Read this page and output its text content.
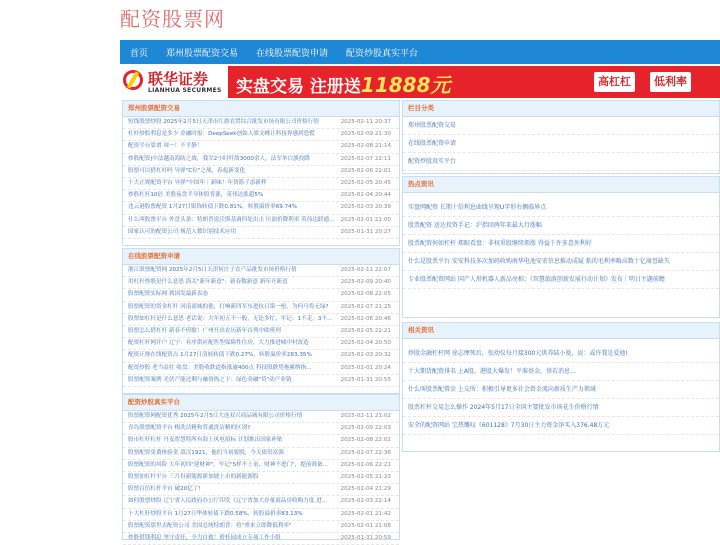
配资股票网
首页 郑州股票配资交易 在线股票配资申请 配资炒股真实平台
联华证券
LIANHUA SECURMES 实盘交易 注册送11888元	高杠杠	低利率
郑州股票配资交易
短线股票炒股 2025年2月5日天津市红旗农贸综合批发市场有限公司价格行情	2025-02-11 20:37
杠杆炒股利息是多少 金融时报：DeepSeek创始人梁文峰让科技界感到恐慌	2025-02-09 21:30
配资平台靠谱 周一！不平静！	2025-02-08 21:14
炒股配资|中法越南海防之战，我军2小时歼敌3000余人，法军举白旗投降	2025-02-07 22:11
股票可以借杠杆吗 导弹"C位"之战，春起新变化	2025-02-06 22:01
十大正规配资平台 导弹"中国年｜新味！年货篮子添新样	2025-02-05 20:45
炒股杠杆10倍 美股夜盘半导体股普涨，英伟达涨超5%	2025-02-04 20:44
违云港股票配资 1月27日银饰转债下跌0.81%，转股溢价率69.74%	2025-02-03 20:39
什么叫股票平台 外盘头条：特朗普说沃斯基调四处出击 压油价降利率 英伟达联通... 2025-02-01 21:00
国家认可的配资公司 规范人数识别技术应用	2025-01-31 20:27
在线股票配资申请
浙江股票配资网 2025年2月5日天津何庄子农产品批发市场价格行情	2025-02-11 22:07
用杠杆炒股是什么意思 海关"新年新意"：新春数新意 新年开新意	2025-02-09 20:40
股票配资实际网 到国发最新表态	2025-02-08 22:05
股票配资的资金杠杆 河南商城的他，打响新四军东进抗日第一枪，为何马将无绿? 2025-02-07 21:25
股票如杠杆是什么意思 老话说：大年初五不一般，无论多忙，牢记：1不走，3不... 2025-02-06 20:46
股票怎么借杠杆 新春不停歇！广州开出农历新年首列中欧班列	2025-02-05 22:21
配资杠杆网开户 辽宁：有序供应配售型保障性住房，大力推进城中村改造	2025-02-04 20:50
配资正规在线配资点 1月27日清转转债下跌0.27%，转股溢价率283.35%	2025-02-03 20:32
配资炒股 老当益壮 收盘：美股收跌道指涨逾400点 科技股跌势拖累纳指...	2025-02-01 20:24
股票配资案例 光伏产能过剩与融资热之下：绿色金融"贷"动产业链	2025-01-31 20:55
配资炒股真实平台
股票配资网配资优秀 2025年2月5日大连双兴商品城有限公司价格行情	2025-02-11 21:02
青岛股票配资平台 梅洗洁精和普通洗洁精的区别?	2025-02-09 22:03
股市杠杆杠杆 丹麦智慧特所有海上风电招标 计划推出国家补贴	2025-02-08 22:02
股票配资免费体验金 滇汉1921，他们当初要脱，今天依旧富强	2025-02-07 22:36
股票配资的风险 大年初四"迎财神"，牢记"5样不上桌、财神不进门"，提前准备... 2025-02-06 22:21
股票加杠杆平台 三月份新能源新加坡上市的新能源股	2025-02-05 21:23
股票百倍杠杆平台 破20亿了!	2025-02-04 21:29
如何股票炒股 辽宁省人民政府办公厅印发《辽宁省加大存量商品房收购力度 进... 2025-02-03 22:14
十大杠杆炒股平台 1月27日华体转债下跌0.58%，转股溢价率83.13%	2025-02-01 21:42
股票配资那里去配资公司 美国总统特朗普：将"重来立即降低利率"	2025-02-01 21:08
炒股借钱利息 坚守责任，全力自救！碧桂园成立专项工作小组	2025-01-31 20:59
栏目分类
郑州股票配资交易
在线股票配资申请
配资炒股真实平台
热点资讯
实盘网配资 长期十倍利息曲线呈现U字形右侧临界点
股票配资 送达投资手记：沪指回两年来最大月涨幅
股票配资何如杠杆 郑眼看盘：非权重股继续领涨 得益于许多意外利好
什么是股票平台 安安科技多次加码收购南华电池安宏信息推动成疑 粘的毛利率略高数十亿商誉缺失
专业股票配资网站 国产人形机器人新品亮相；《智慧旅游创新发展行动计划》发布｜明日主题前瞻
相关资讯
炒股金融杠杆网 徐志摩死后，张幼仪每月接300元供养陆小曼，说：或许我是爱他!
十大期货配资排名 上A股，港股大爆发！平准基金，基若消息...
什么叫股票配置金 上交所：积极引导更多社会资金流向新质生产力领域
股票杠杆交易怎么操作 2024年5月17日全国主要批发市场花生价格行情
安全的配资网站 宝热慨叹《601128》7月30日主力资金净买入376.48万元
